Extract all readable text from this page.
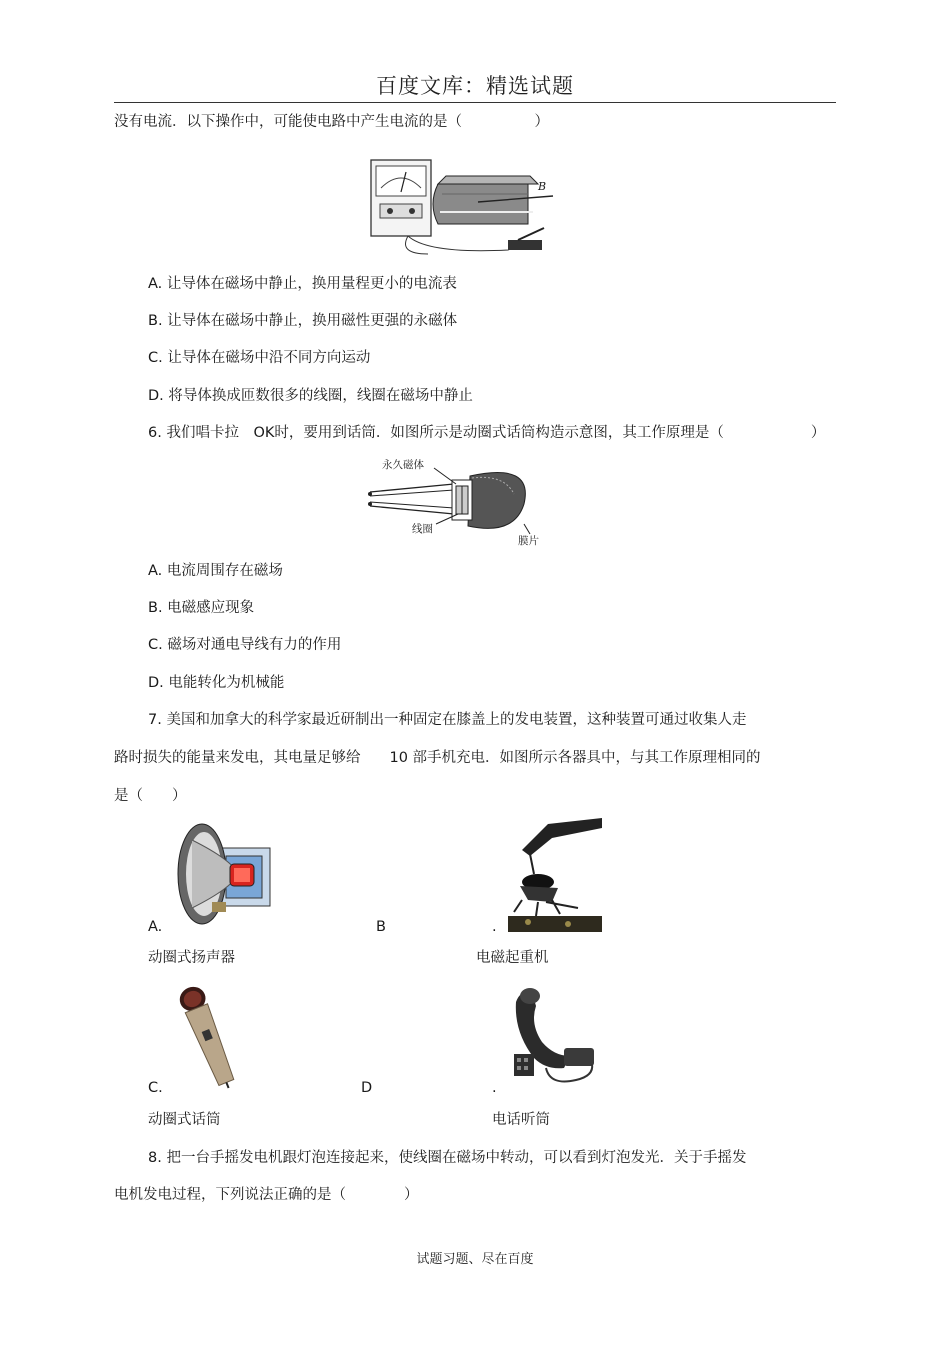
百度文库：精选试题
没有电流．以下操作中，可能使电路中产生电流的是（　　　　　）
B
A. 让导体在磁场中静止，换用量程更小的电流表
B. 让导体在磁场中静止，换用磁性更强的永磁体
C. 让导体在磁场中沿不同方向运动
D. 将导体换成匝数很多的线圈，线圈在磁场中静止
6. 我们唱卡拉　OK时，要用到话筒．如图所示是动圈式话筒构造示意图，其工作原理是（　　　　　　）
永久磁体
线圈
膜片
A. 电流周围存在磁场
B. 电磁感应现象
C. 磁场对通电导线有力的作用
D. 电能转化为机械能
7. 美国和加拿大的科学家最近研制出一种固定在膝盖上的发电装置，这种装置可通过收集人走
路时损失的能量来发电，其电量足够给　　10 部手机充电．如图所示各器具中，与其工作原理相同的
是（　　）
A.	B	.
动圈式扬声器	电磁起重机
C.	D	.
动圈式话筒	电话听筒
8. 把一台手摇发电机跟灯泡连接起来，使线圈在磁场中转动，可以看到灯泡发光．关于手摇发
电机发电过程，下列说法正确的是（　　　　）
试题习题、尽在百度
